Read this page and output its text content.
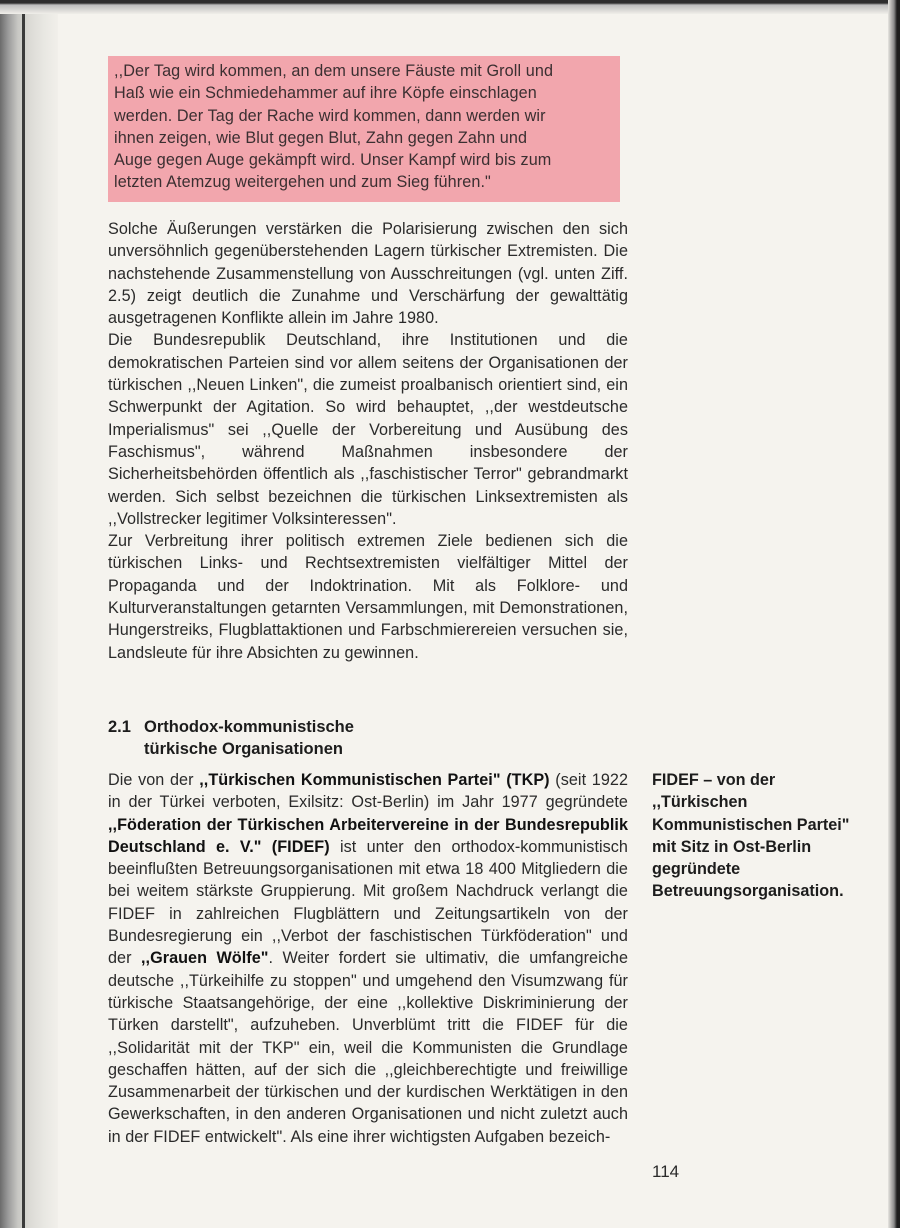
,,Der Tag wird kommen, an dem unsere Fäuste mit Groll und
Haß wie ein Schmiedehammer auf ihre Köpfe einschlagen
werden. Der Tag der Rache wird kommen, dann werden wir
ihnen zeigen, wie Blut gegen Blut, Zahn gegen Zahn und
Auge gegen Auge gekämpft wird. Unser Kampf wird bis zum
letzten Atemzug weitergehen und zum Sieg führen."

Solche Äußerungen verstärken die Polarisierung zwischen den sich unversöhnlich gegenüberstehenden Lagern türkischer Extremisten. Die nachstehende Zusammenstellung von Ausschreitungen (vgl. unten Ziff. 2.5) zeigt deutlich die Zunahme und Verschärfung der gewalttätig ausgetragenen Konflikte allein im Jahre 1980.

Die Bundesrepublik Deutschland, ihre Institutionen und die demokratischen Parteien sind vor allem seitens der Organisationen der türkischen ,,Neuen Linken", die zumeist proalbanisch orientiert sind, ein Schwerpunkt der Agitation. So wird behauptet, ,,der westdeutsche Imperialismus" sei ,,Quelle der Vorbereitung und Ausübung des Faschismus", während Maßnahmen insbesondere der Sicherheitsbehörden öffentlich als ,,faschistischer Terror" gebrandmarkt werden. Sich selbst bezeichnen die türkischen Linksextremisten als ,,Vollstrecker legitimer Volksinteressen".

Zur Verbreitung ihrer politisch extremen Ziele bedienen sich die türkischen Links- und Rechtsextremisten vielfältiger Mittel der Propaganda und der Indoktrination. Mit als Folklore- und Kulturveranstaltungen getarnten Versammlungen, mit Demonstrationen, Hungerstreiks, Flugblattaktionen und Farbschmierereien versuchen sie, Landsleute für ihre Absichten zu gewinnen.

2.1 Orthodox-kommunistische
türkische Organisationen

Die von der ,,Türkischen Kommunistischen Partei" (TKP) (seit 1922 in der Türkei verboten, Exilsitz: Ost-Berlin) im Jahr 1977 gegründete ,,Föderation der Türkischen Arbeitervereine in der Bundesrepublik Deutschland e. V." (FIDEF) ist unter den orthodox-kommunistisch beeinflußten Betreuungsorganisationen mit etwa 18 400 Mitgliedern die bei weitem stärkste Gruppierung. Mit großem Nachdruck verlangt die FIDEF in zahlreichen Flugblättern und Zeitungsartikeln von der Bundesregierung ein ,,Verbot der faschistischen Türkföderation" und der ,,Grauen Wölfe". Weiter fordert sie ultimativ, die umfangreiche deutsche ,,Türkeihilfe zu stoppen" und umgehend den Visumzwang für türkische Staatsangehörige, der eine ,,kollektive Diskriminierung der Türken darstellt", aufzuheben. Unverblümt tritt die FIDEF für die ,,Solidarität mit der TKP" ein, weil die Kommunisten die Grundlage geschaffen hätten, auf der sich die ,,gleichberechtigte und freiwillige Zusammenarbeit der türkischen und der kurdischen Werktätigen in den Gewerkschaften, in den anderen Organisationen und nicht zuletzt auch in der FIDEF entwickelt". Als eine ihrer wichtigsten Aufgaben bezeich-

FIDEF – von der ,,Türkischen Kommunistischen Partei" mit Sitz in Ost-Berlin gegründete Betreuungsorganisation.
114
